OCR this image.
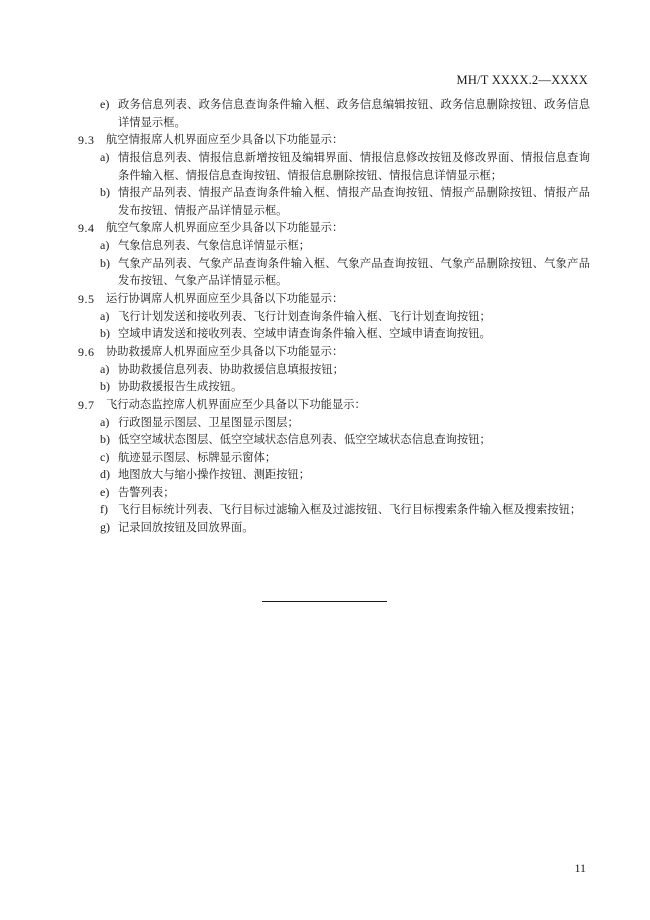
MH/T XXXX.2—XXXX
e) 政务信息列表、政务信息查询条件输入框、政务信息编辑按钮、政务信息删除按钮、政务信息详情显示框。
9.3	航空情报席人机界面应至少具备以下功能显示：
a) 情报信息列表、情报信息新增按钮及编辑界面、情报信息修改按钮及修改界面、情报信息查询条件输入框、情报信息查询按钮、情报信息删除按钮、情报信息详情显示框；
b) 情报产品列表、情报产品查询条件输入框、情报产品查询按钮、情报产品删除按钮、情报产品发布按钮、情报产品详情显示框。
9.4	航空气象席人机界面应至少具备以下功能显示：
a) 气象信息列表、气象信息详情显示框；
b) 气象产品列表、气象产品查询条件输入框、气象产品查询按钮、气象产品删除按钮、气象产品发布按钮、气象产品详情显示框。
9.5	运行协调席人机界面应至少具备以下功能显示：
a) 飞行计划发送和接收列表、飞行计划查询条件输入框、飞行计划查询按钮；
b) 空域申请发送和接收列表、空域申请查询条件输入框、空域申请查询按钮。
9.6	协助救援席人机界面应至少具备以下功能显示：
a) 协助救援信息列表、协助救援信息填报按钮；
b) 协助救援报告生成按钮。
9.7	飞行动态监控席人机界面应至少具备以下功能显示：
a) 行政图显示图层、卫星图显示图层；
b) 低空空域状态图层、低空空域状态信息列表、低空空域状态信息查询按钮；
c) 航迹显示图层、标牌显示窗体；
d) 地图放大与缩小操作按钮、测距按钮；
e) 告警列表；
f) 飞行目标统计列表、飞行目标过滤输入框及过滤按钮、飞行目标搜索条件输入框及搜索按钮；
g) 记录回放按钮及回放界面。
11
